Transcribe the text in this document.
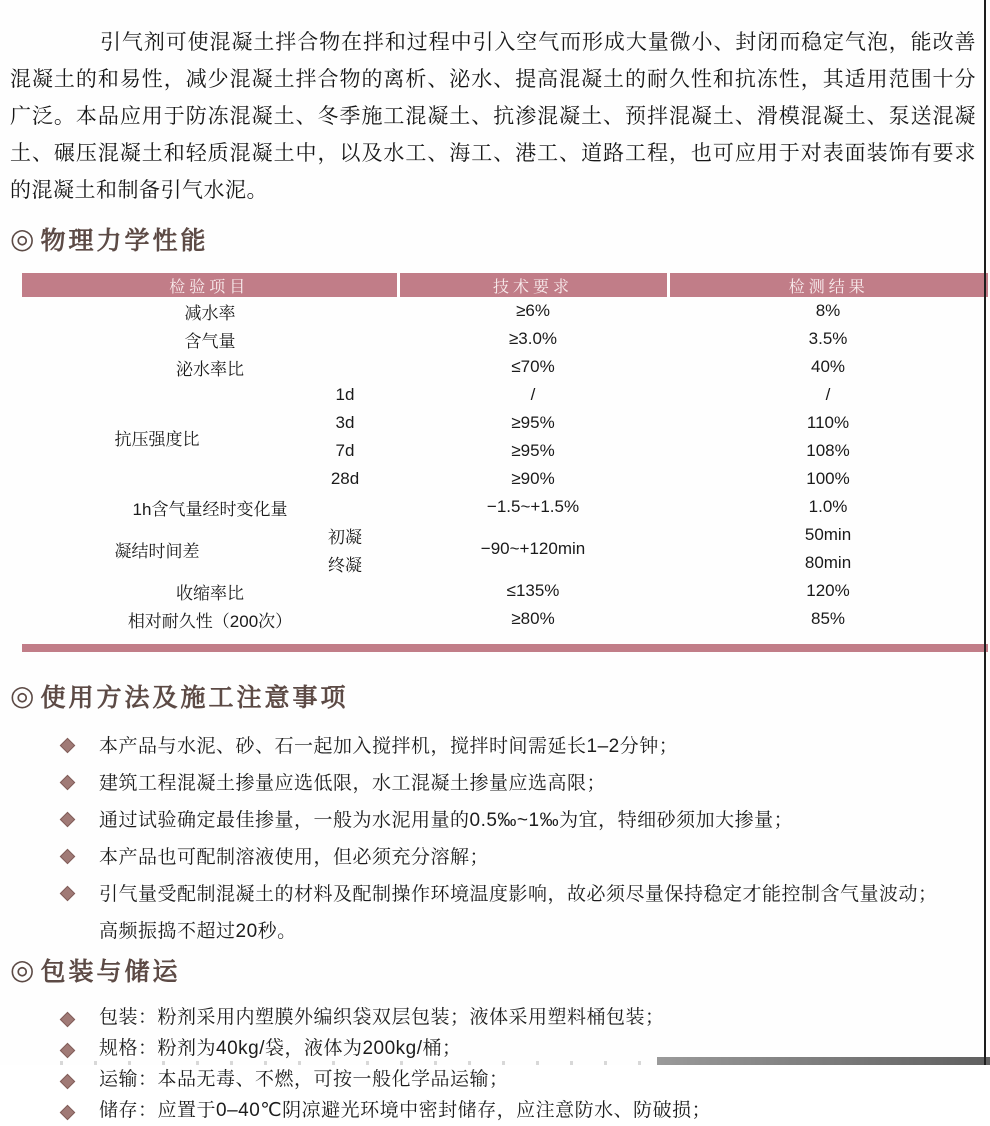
引气剂可使混凝土拌合物在拌和过程中引入空气而形成大量微小、封闭而稳定气泡，能改善混凝土的和易性，减少混凝土拌合物的离析、泌水、提高混凝土的耐久性和抗冻性，其适用范围十分广泛。本品应用于防冻混凝土、冬季施工混凝土、抗渗混凝土、预拌混凝土、滑模混凝土、泵送混凝土、碾压混凝土和轻质混凝土中，以及水工、海工、港工、道路工程，也可应用于对表面装饰有要求的混凝土和制备引气水泥。

◎ 物理力学性能
检验项目		技术要求	检测结果
减水率		≥6%	8%
含气量		≥3.0%	3.5%
泌水率比		≤70%	40%
抗压强度比	1d	/	/
	3d	≥95%	110%
	7d	≥95%	108%
	28d	≥90%	100%
1h含气量经时变化量		−1.5~+1.5%	1.0%
凝结时间差	初凝	−90~+120min	50min
	终凝		80min
收缩率比		≤135%	120%
相对耐久性（200次）		≥80%	85%
◎ 使用方法及施工注意事项
本产品与水泥、砂、石一起加入搅拌机，搅拌时间需延长1–2分钟；
建筑工程混凝土掺量应选低限，水工混凝土掺量应选高限；
通过试验确定最佳掺量，一般为水泥用量的0.5‰~1‰为宜，特细砂须加大掺量；
本产品也可配制溶液使用，但必须充分溶解；
引气量受配制混凝土的材料及配制操作环境温度影响，故必须尽量保持稳定才能控制含气量波动；高频振捣不超过20秒。
◎ 包装与储运
包装：粉剂采用内塑膜外编织袋双层包装；液体采用塑料桶包装；
规格：粉剂为40kg/袋，液体为200kg/桶；
运输：本品无毒、不燃，可按一般化学品运输；
储存：应置于0–40℃阴凉避光环境中密封储存，应注意防水、防破损；
